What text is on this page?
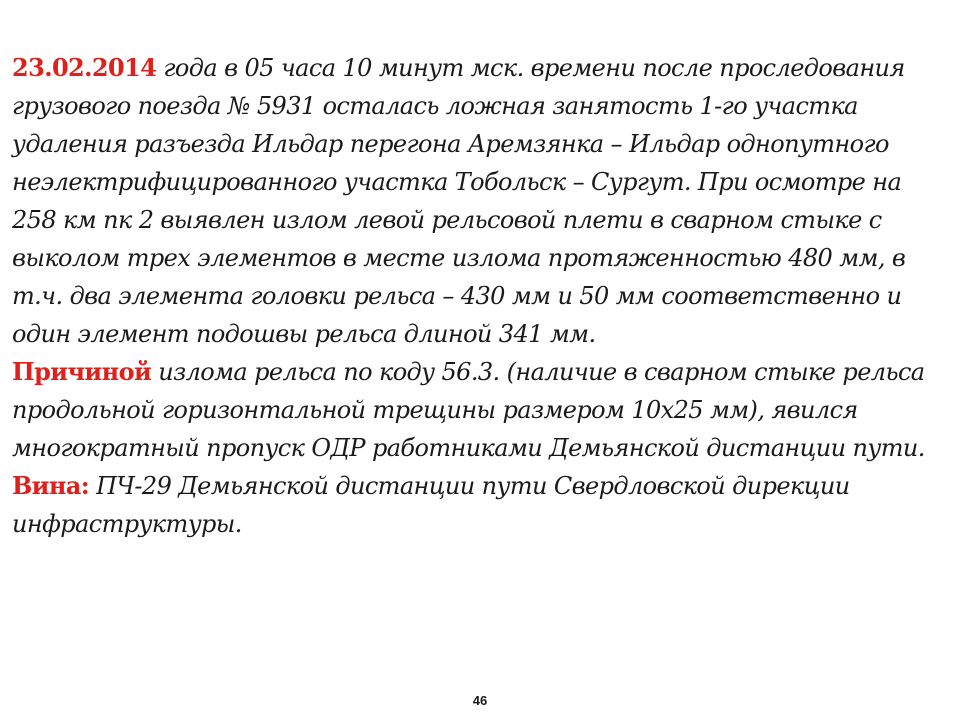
23.02.2014 года в 05 часа 10 минут мск. времени после проследования грузового поезда № 5931 осталась ложная занятость 1-го участка удаления разъезда Ильдар перегона Аремзянка – Ильдар однопутного неэлектрифицированного участка Тобольск – Сургут. При осмотре на 258 км пк 2 выявлен излом левой рельсовой плети в сварном стыке с выколом трех элементов в месте излома протяженностью 480 мм, в т.ч. два элемента головки рельса – 430 мм и 50 мм соответственно и один элемент подошвы рельса длиной 341 мм.

Причиной излома рельса по коду 56.3. (наличие в сварном стыке рельса продольной горизонтальной трещины размером 10х25 мм), явился многократный пропуск ОДР работниками Демьянской дистанции пути.

Вина: ПЧ-29 Демьянской дистанции пути Свердловской дирекции инфраструктуры.

46
